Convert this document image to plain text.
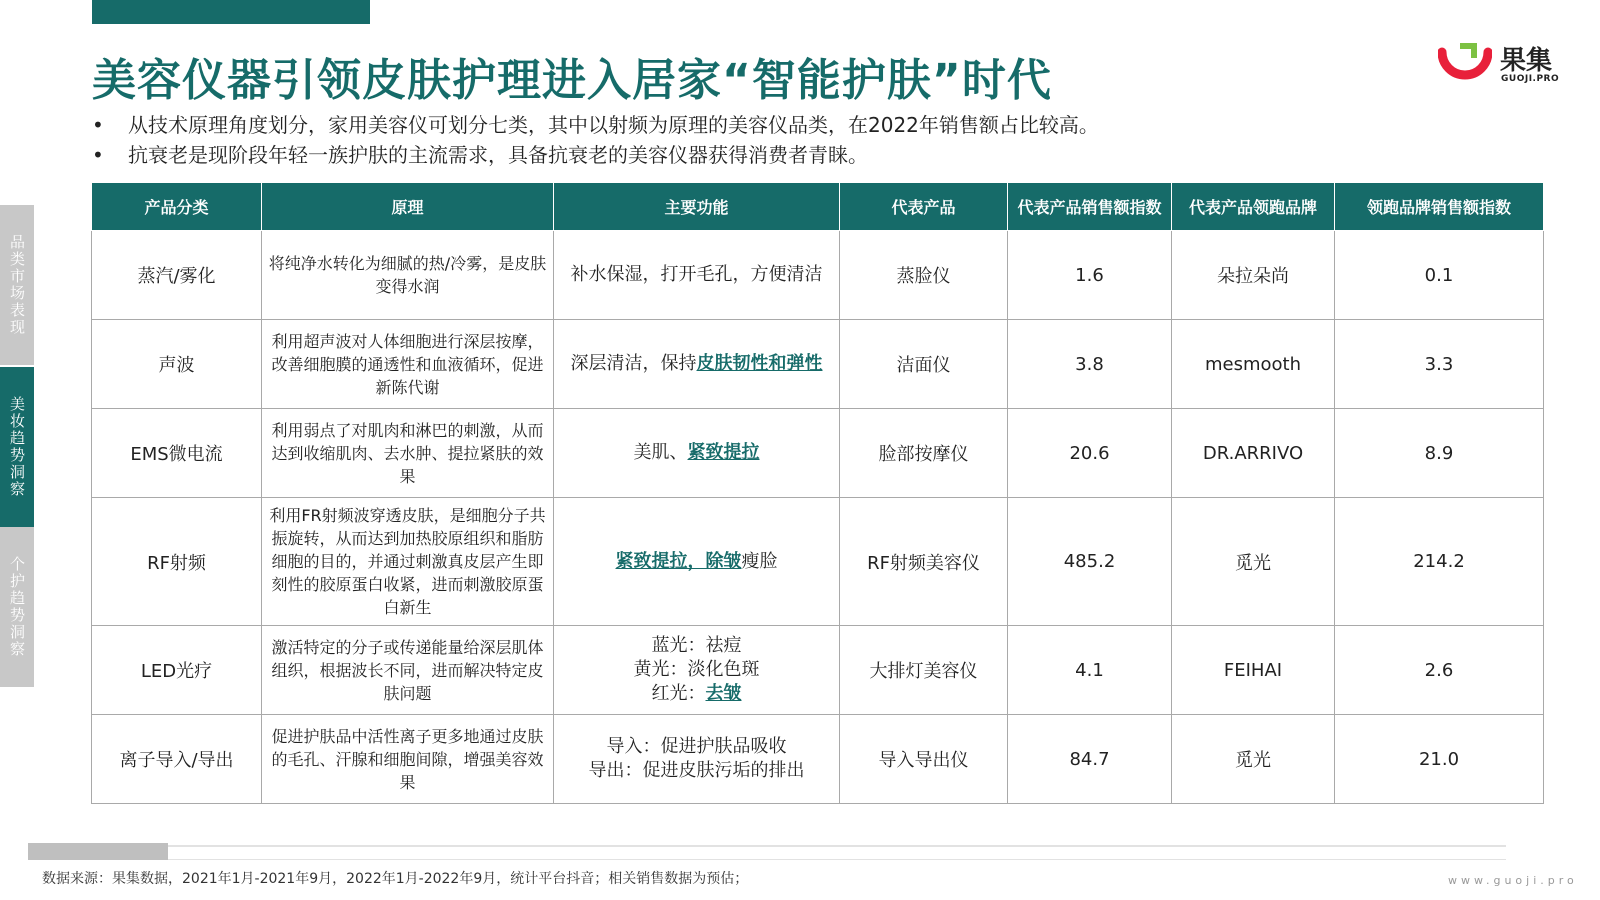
美容仪器引领皮肤护理进入居家“智能护肤”时代	果集
GUOJI.PRO
• 从技术原理角度划分，家用美容仪可划分七类，其中以射频为原理的美容仪品类，在2022年销售额占比较高。
• 抗衰老是现阶段年轻一族护肤的主流需求，具备抗衰老的美容仪器获得消费者青睐。
品类市场表现
美妆趋势洞察
个护趋势洞察
产品分类	原理	主要功能	代表产品	代表产品销售额指数	代表产品领跑品牌	领跑品牌销售额指数
蒸汽/雾化	将纯净水转化为细腻的热/冷雾，是皮肤变得水润	补水保湿，打开毛孔，方便清洁	蒸脸仪	1.6	朵拉朵尚	0.1
声波	利用超声波对人体细胞进行深层按摩，改善细胞膜的通透性和血液循环，促进新陈代谢	深层清洁，保持皮肤韧性和弹性	洁面仪	3.8	mesmooth	3.3
EMS微电流	利用弱点了对肌肉和淋巴的刺激，从而达到收缩肌肉、去水肿、提拉紧肤的效果	美肌、紧致提拉	脸部按摩仪	20.6	DR.ARRIVO	8.9
RF射频	利用FR射频波穿透皮肤，是细胞分子共振旋转，从而达到加热胶原组织和脂肪细胞的目的，并通过刺激真皮层产生即刻性的胶原蛋白收紧，进而刺激胶原蛋白新生	紧致提拉，除皱瘦脸	RF射频美容仪	485.2	觅光	214.2
LED光疗	激活特定的分子或传递能量给深层肌体组织，根据波长不同，进而解决特定皮肤问题	蓝光：祛痘
黄光：淡化色斑
红光：去皱	大排灯美容仪	4.1	FEIHAI	2.6
离子导入/导出	促进护肤品中活性离子更多地通过皮肤的毛孔、汗腺和细胞间隙，增强美容效果	导入：促进护肤品吸收
导出：促进皮肤污垢的排出	导入导出仪	84.7	觅光	21.0
数据来源：果集数据，2021年1月-2021年9月，2022年1月-2022年9月，统计平台抖音；相关销售数据为预估；	www.guoji.pro
